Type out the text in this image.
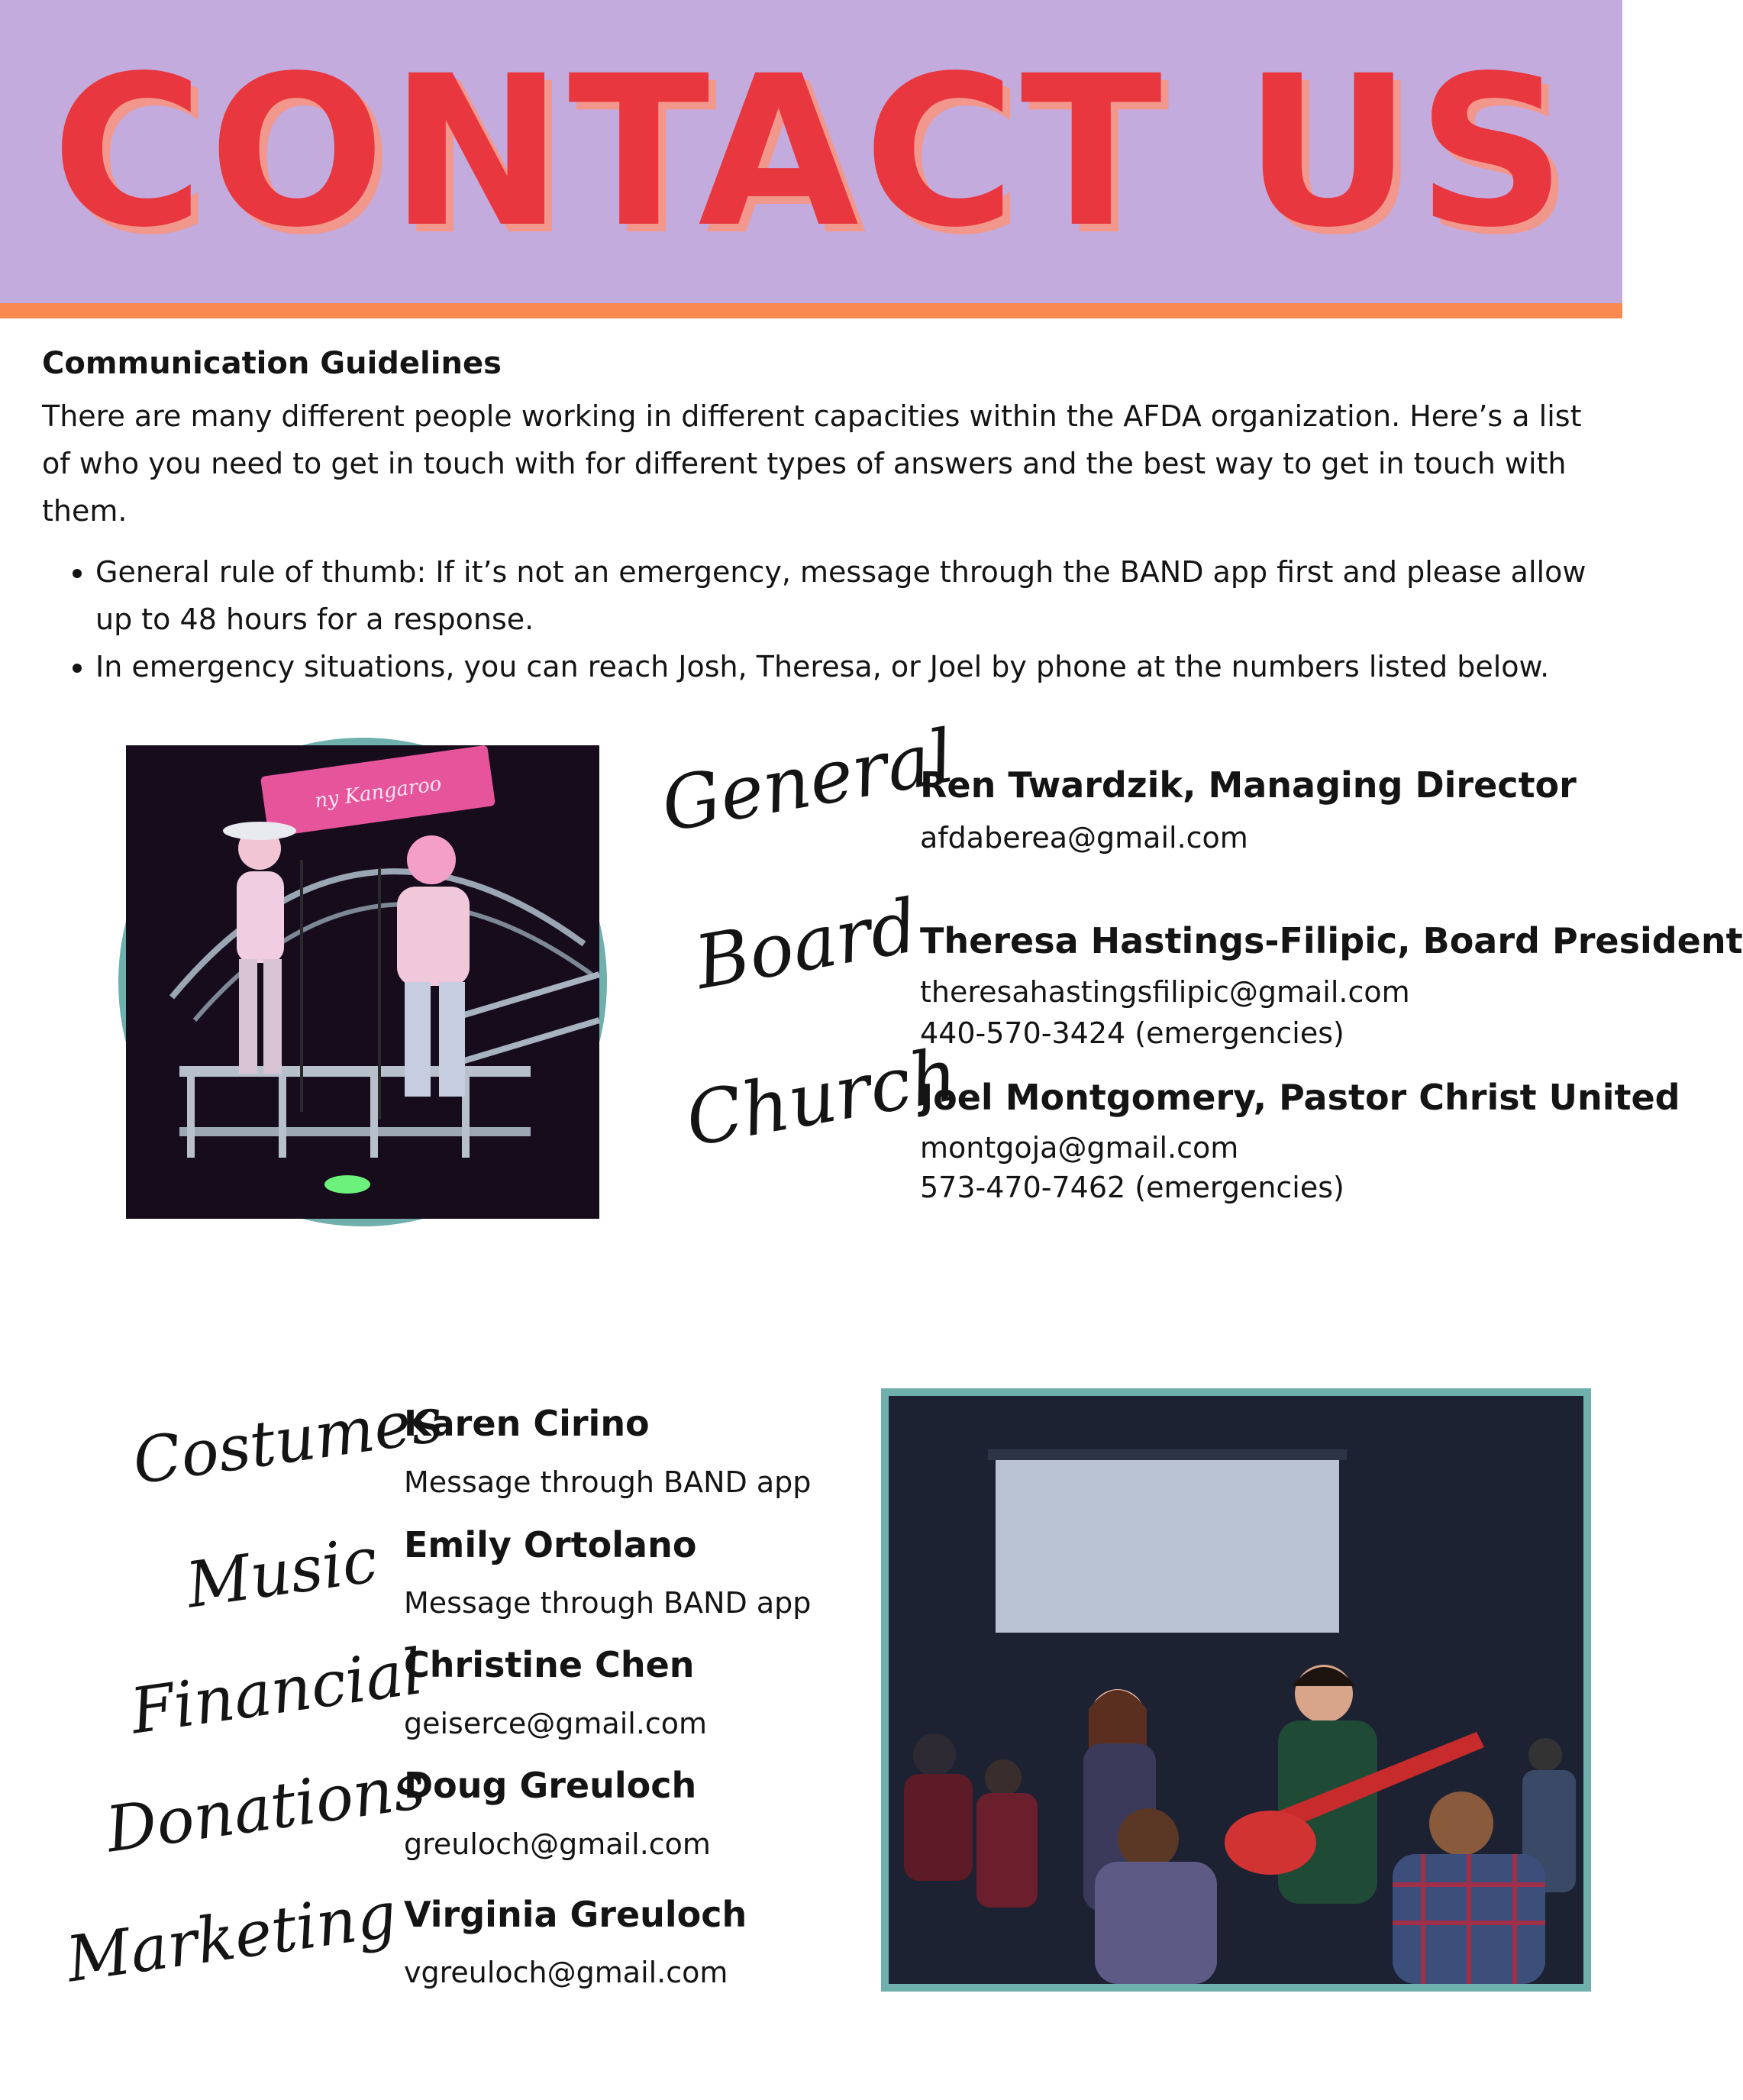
CONTACT US
Communication Guidelines

There are many different people working in different capacities within the AFDA organization. Here’s a list of who you need to get in touch with for different types of answers and the best way to get in touch with them.

• General rule of thumb: If it’s not an emergency, message through the BAND app first and please allow up to 48 hours for a response.
• In emergency situations, you can reach Josh, Theresa, or Joel by phone at the numbers listed below.
ny Kangaroo	General
Ren Twardzik, Managing Director
afdaberea@gmail.com
Board
Theresa Hastings-Filipic, Board President
theresahastingsfilipic@gmail.com
440-570-3424 (emergencies)
Church
Joel Montgomery, Pastor Christ United
montgoja@gmail.com
573-470-7462 (emergencies)
Costumes
Karen Cirino
Message through BAND app
Music Emily Ortolano
Message through BAND app
Financial
Christine Chen
geiserce@gmail.com
Donations
Doug Greuloch
greuloch@gmail.com
Marketing Virginia Greuloch
vgreuloch@gmail.com
